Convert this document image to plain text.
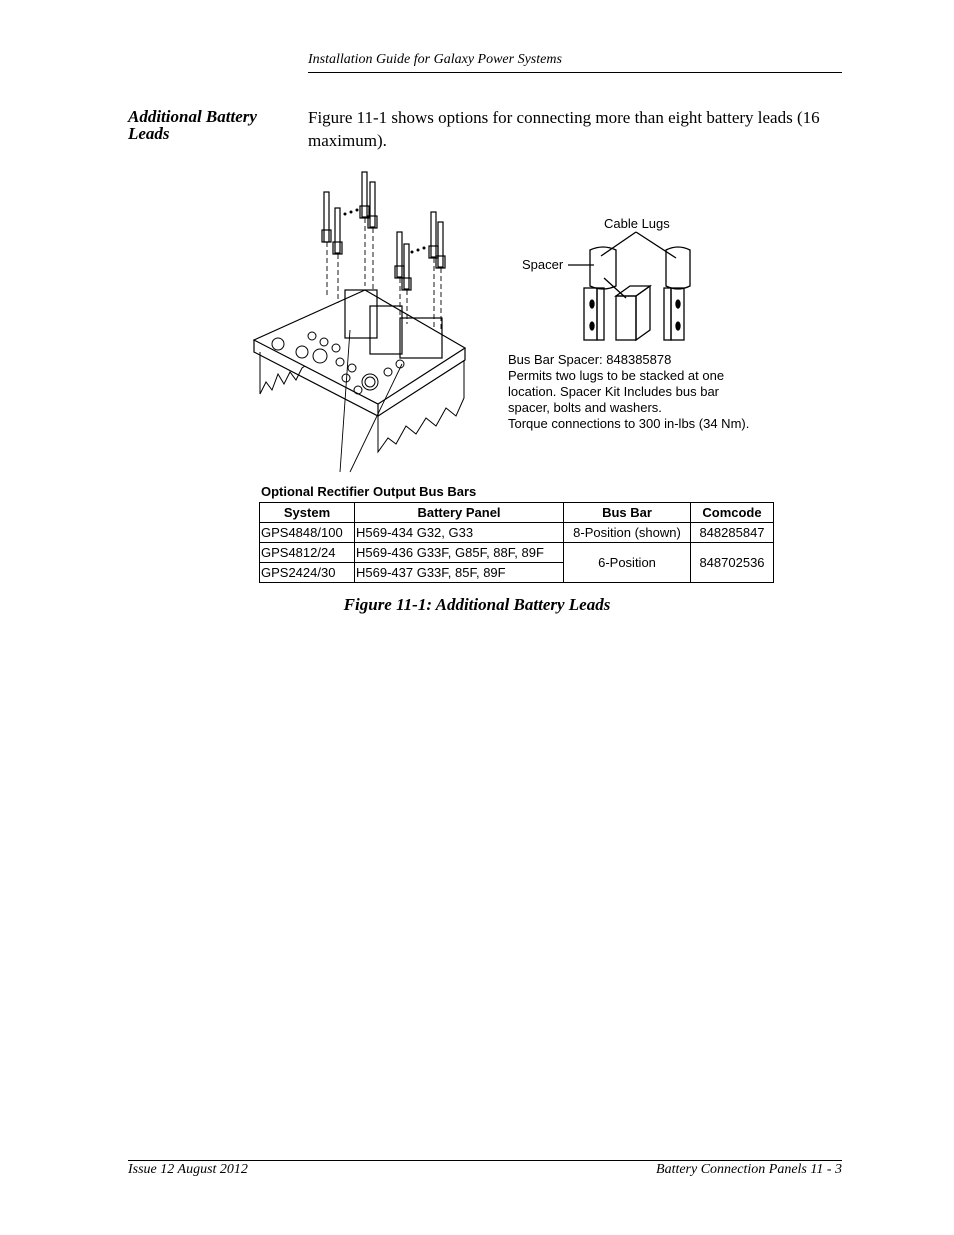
Installation Guide for Galaxy Power Systems
Additional Battery Leads
Figure 11-1 shows options for connecting more than eight battery leads (16 maximum).
Cable Lugs
Spacer
Bus Bar Spacer: 848385878
Permits two lugs to be stacked at one
location. Spacer Kit Includes bus bar
spacer, bolts and washers.
Torque connections to 300 in-lbs (34 Nm).
Optional Rectifier Output Bus Bars
System	Battery Panel	Bus Bar	Comcode
GPS4848/100	H569-434 G32, G33	8-Position (shown)	848285847
GPS4812/24	H569-436 G33F, G85F, 88F, 89F	6-Position	848702536
GPS2424/30	H569-437 G33F, 85F, 89F		
Figure 11-1: Additional Battery Leads
Issue 12 August 2012	Battery Connection Panels 11 - 3
